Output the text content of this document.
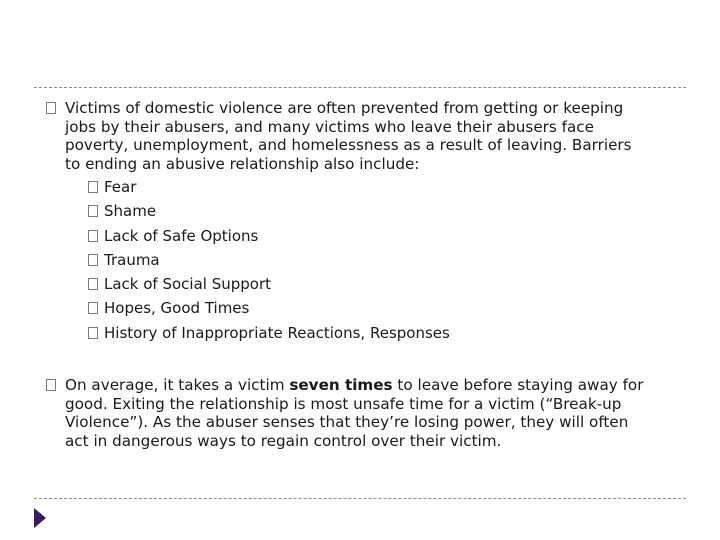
Victims of domestic violence are often prevented from getting or keeping jobs by their abusers, and many victims who leave their abusers face poverty, unemployment, and homelessness as a result of leaving. Barriers to ending an abusive relationship also include:
Fear
Shame
Lack of Safe Options
Trauma
Lack of Social Support
Hopes, Good Times
History of Inappropriate Reactions, Responses
On average, it takes a victim seven times to leave before staying away for good. Exiting the relationship is most unsafe time for a victim (“Break-up Violence”). As the abuser senses that they’re losing power, they will often act in dangerous ways to regain control over their victim.
